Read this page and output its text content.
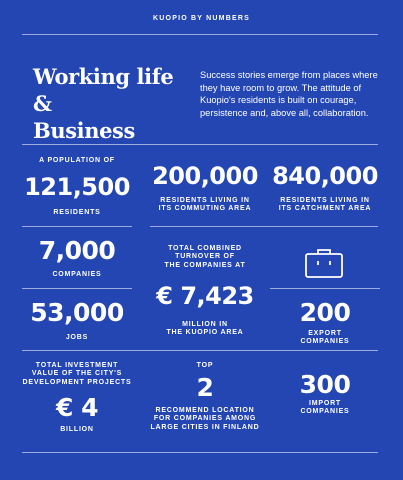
KUOPIO BY NUMBERS
Working life &
Business
Success stories emerge from places where they have room to grow. The attitude of Kuopio's residents is built on courage, persistence and, above all, collaboration.
A POPULATION OF
121,500
RESIDENTS
200,000
RESIDENTS LIVING IN
ITS COMMUTING AREA
840,000
RESIDENTS LIVING IN
ITS CATCHMENT AREA
7,000
COMPANIES
TOTAL COMBINED
TURNOVER OF
THE COMPANIES AT
€ 7,423
MILLION IN
THE KUOPIO AREA
53,000
JOBS
200
EXPORT
COMPANIES
TOTAL INVESTMENT
VALUE OF THE CITY'S
DEVELOPMENT PROJECTS
€ 4
BILLION
TOP
2
RECOMMEND LOCATION
FOR COMPANIES AMONG
LARGE CITIES IN FINLAND
300
IMPORT
COMPANIES
